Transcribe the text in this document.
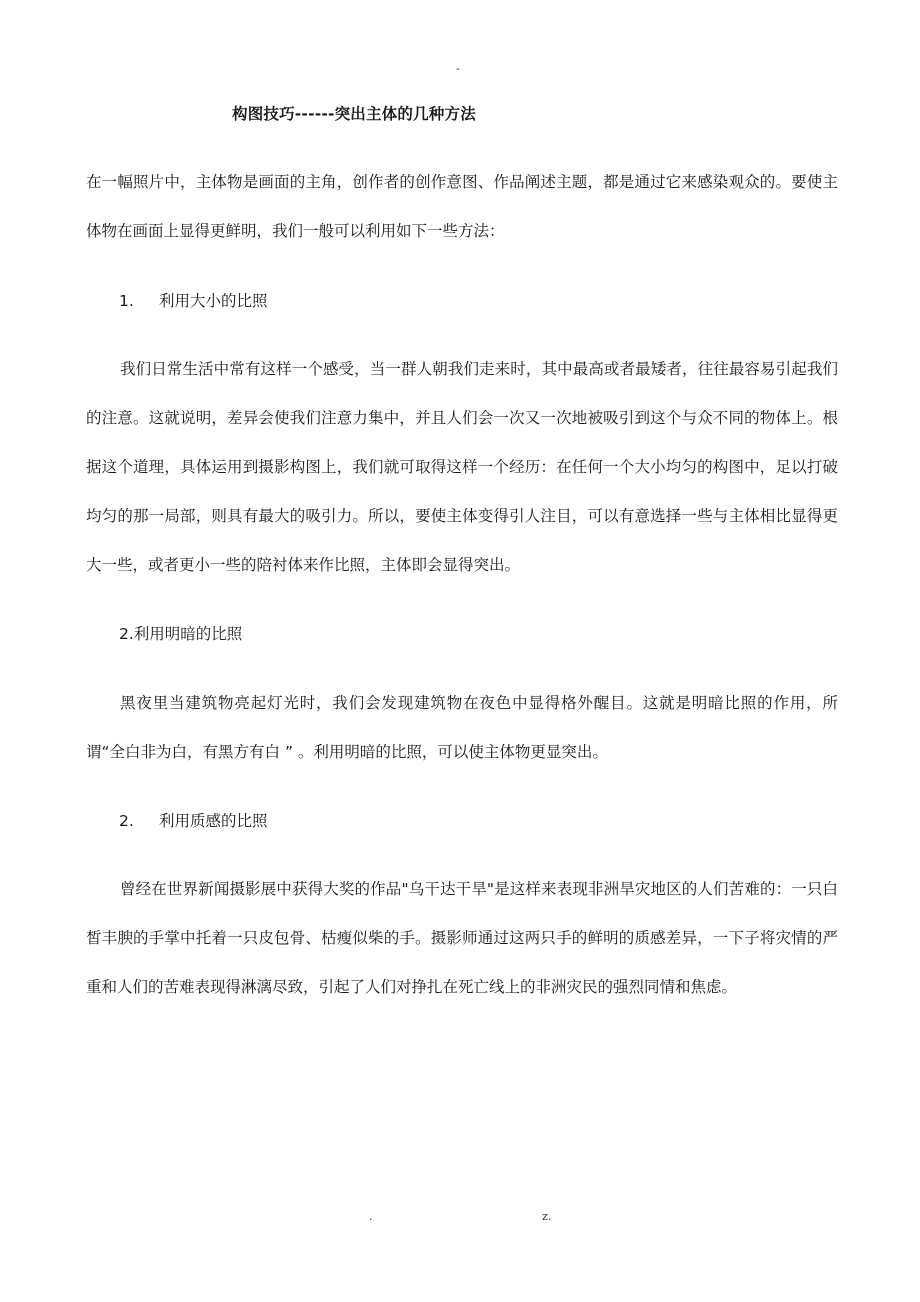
-
构图技巧------突出主体的几种方法

在一幅照片中，主体物是画面的主角，创作者的创作意图、作品阐述主题，都是通过它来感染观众的。要使主体物在画面上显得更鲜明，我们一般可以利用如下一些方法：

1. 利用大小的比照

我们日常生活中常有这样一个感受，当一群人朝我们走来时，其中最高或者最矮者，往往最容易引起我们的注意。这就说明，差异会使我们注意力集中，并且人们会一次又一次地被吸引到这个与众不同的物体上。根据这个道理，具体运用到摄影构图上，我们就可取得这样一个经历：在任何一个大小均匀的构图中，足以打破均匀的那一局部，则具有最大的吸引力。所以，要使主体变得引人注目，可以有意选择一些与主体相比显得更大一些，或者更小一些的陪衬体来作比照，主体即会显得突出。

2.利用明暗的比照

黑夜里当建筑物亮起灯光时，我们会发现建筑物在夜色中显得格外醒目。这就是明暗比照的作用，所谓“全白非为白，有黑方有白 ” 。利用明暗的比照，可以使主体物更显突出。

2. 利用质感的比照

曾经在世界新闻摄影展中获得大奖的作品"乌干达干旱"是这样来表现非洲旱灾地区的人们苦难的：一只白皙丰腴的手掌中托着一只皮包骨、枯瘦似柴的手。摄影师通过这两只手的鲜明的质感差异，一下子将灾情的严重和人们的苦难表现得淋漓尽致，引起了人们对挣扎在死亡线上的非洲灾民的强烈同情和焦虑。

.	z.
